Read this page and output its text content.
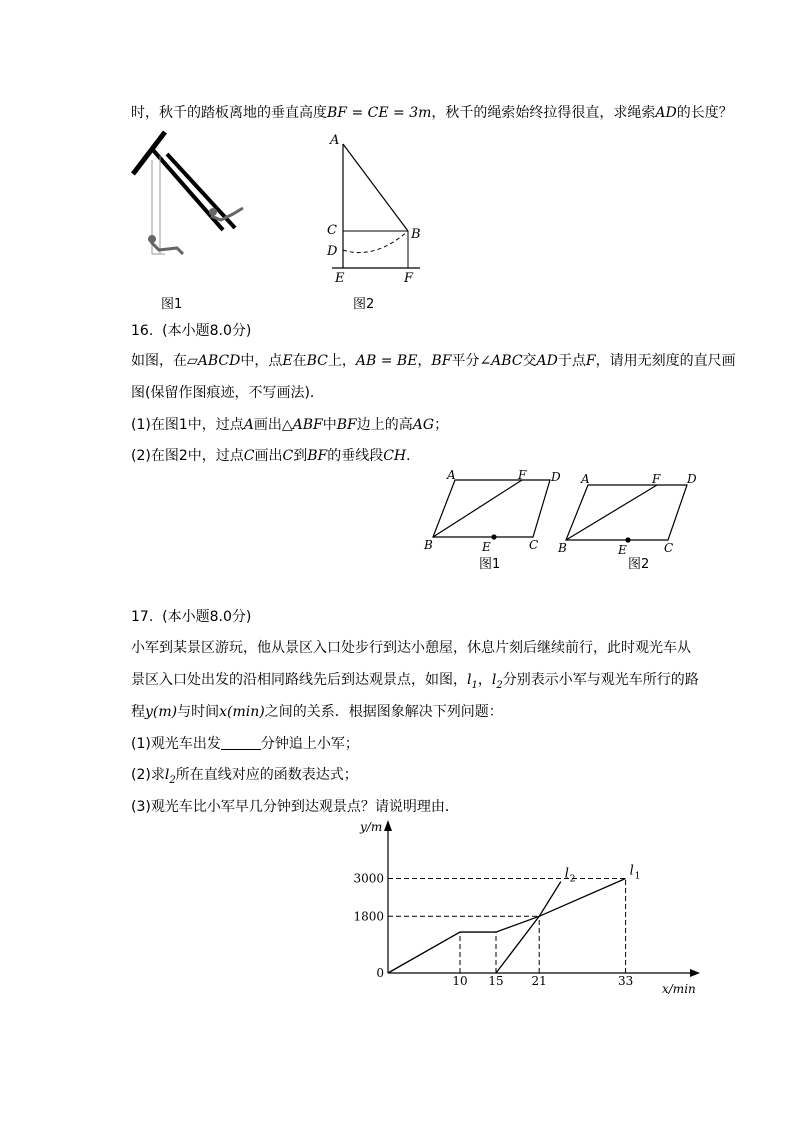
时，秋千的踏板离地的垂直高度BF = CE = 3m，秋千的绳索始终拉得很直，求绳索AD的长度？
图1
A
C
D
B
E	F
图2
16. (本小题8.0分)
如图，在▱ABCD中，点E在BC上，AB = BE，BF平分∠ABC交AD于点F，请用无刻度的直尺画
图(保留作图痕迹，不写画法)．
(1)在图1中，过点A画出△ABF中BF边上的高AG；
(2)在图2中，过点C画出C到BF的垂线段CH．
A	F D
B	E	C
A	F D
B	E	C
图1	图2
17. (本小题8.0分)
小军到某景区游玩，他从景区入口处步行到达小憩屋，休息片刻后继续前行，此时观光车从
景区入口处出发的沿相同路线先后到达观景点，如图，$l_1$，$l_2$分别表示小军与观光车所行的路
程y(m)与时间x(min)之间的关系．根据图象解决下列问题：
(1)观光车出发	分钟追上小军；
(2)求$l_2$所在直线对应的函数表达式；
(3)观光车比小军早几分钟到达观景点？请说明理由．
y/m
x/min
10 15 21	33
0
1800
3000	l 1
l 2
